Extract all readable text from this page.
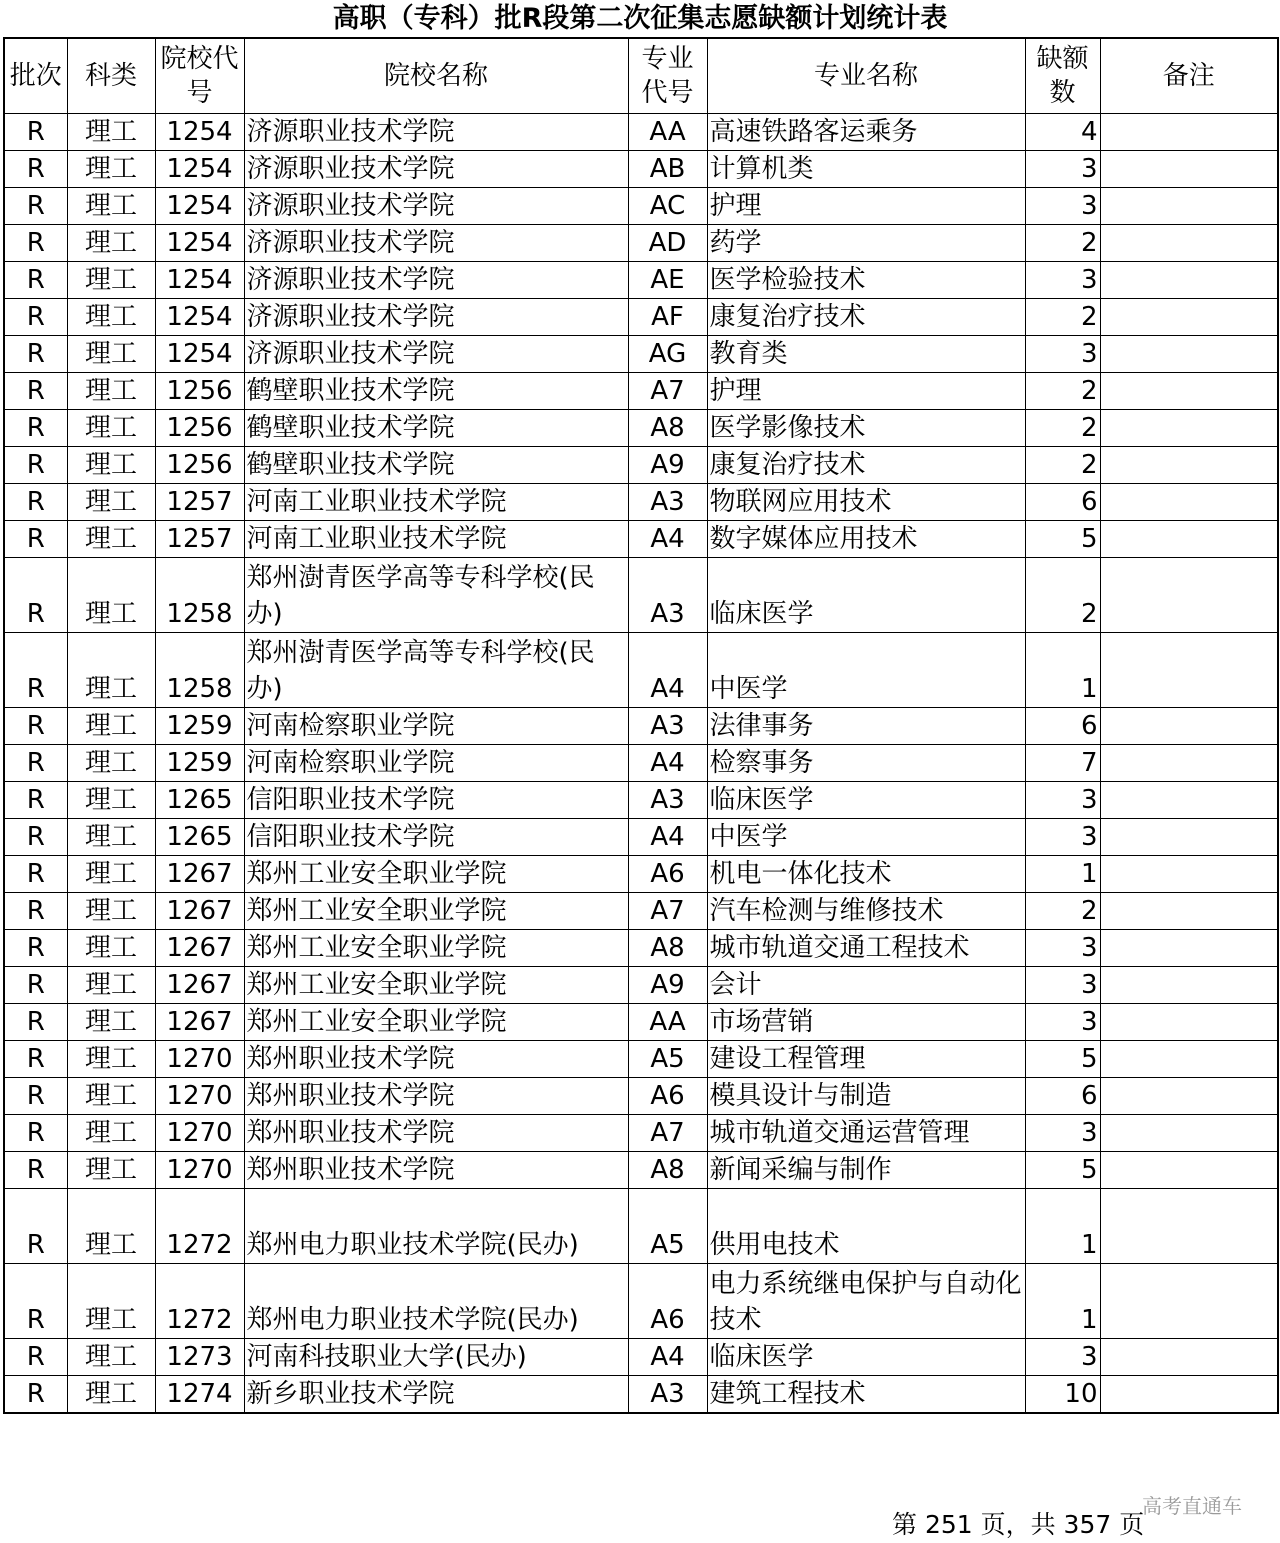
高职（专科）批R段第二次征集志愿缺额计划统计表
批次	科类	院校代号	院校名称	专业代号	专业名称	缺额数	备注
R	理工	1254	济源职业技术学院	AA	高速铁路客运乘务	4	
R	理工	1254	济源职业技术学院	AB	计算机类	3	
R	理工	1254	济源职业技术学院	AC	护理	3	
R	理工	1254	济源职业技术学院	AD	药学	2	
R	理工	1254	济源职业技术学院	AE	医学检验技术	3	
R	理工	1254	济源职业技术学院	AF	康复治疗技术	2	
R	理工	1254	济源职业技术学院	AG	教育类	3	
R	理工	1256	鹤壁职业技术学院	A7	护理	2	
R	理工	1256	鹤壁职业技术学院	A8	医学影像技术	2	
R	理工	1256	鹤壁职业技术学院	A9	康复治疗技术	2	
R	理工	1257	河南工业职业技术学院	A3	物联网应用技术	6	
R	理工	1257	河南工业职业技术学院	A4	数字媒体应用技术	5	
R	理工	1258	郑州澍青医学高等专科学校(民办)	A3	临床医学	2	
R	理工	1258	郑州澍青医学高等专科学校(民办)	A4	中医学	1	
R	理工	1259	河南检察职业学院	A3	法律事务	6	
R	理工	1259	河南检察职业学院	A4	检察事务	7	
R	理工	1265	信阳职业技术学院	A3	临床医学	3	
R	理工	1265	信阳职业技术学院	A4	中医学	3	
R	理工	1267	郑州工业安全职业学院	A6	机电一体化技术	1	
R	理工	1267	郑州工业安全职业学院	A7	汽车检测与维修技术	2	
R	理工	1267	郑州工业安全职业学院	A8	城市轨道交通工程技术	3	
R	理工	1267	郑州工业安全职业学院	A9	会计	3	
R	理工	1267	郑州工业安全职业学院	AA	市场营销	3	
R	理工	1270	郑州职业技术学院	A5	建设工程管理	5	
R	理工	1270	郑州职业技术学院	A6	模具设计与制造	6	
R	理工	1270	郑州职业技术学院	A7	城市轨道交通运营管理	3	
R	理工	1270	郑州职业技术学院	A8	新闻采编与制作	5	
R	理工	1272	郑州电力职业技术学院(民办)	A5	供用电技术	1	
R	理工	1272	郑州电力职业技术学院(民办)	A6	电力系统继电保护与自动化技术	1	
R	理工	1273	河南科技职业大学(民办)	A4	临床医学	3	
R	理工	1274	新乡职业技术学院	A3	建筑工程技术	10	
第 251 页，共 357 页
高考直通车
